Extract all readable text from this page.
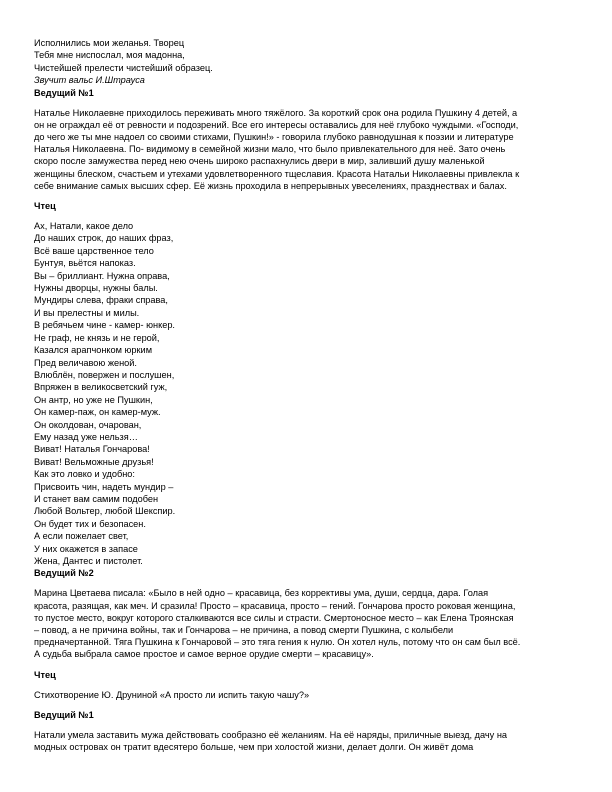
Исполнились мои желанья. Творец

Тебя мне ниспослал, моя мадонна,

Чистейшей прелести чистейший образец.

Звучит вальс И.Штрауса

Ведущий №1

Наталье Николаевне приходилось переживать много тяжёлого. За короткий срок она родила Пушкину 4 детей, а
он не ограждал её от ревности и подозрений. Все его интересы оставались для неё глубоко чуждыми. «Господи,
до чего же ты мне надоел со своими стихами, Пушкин!» - говорила глубоко равнодушная к поэзии и литературе
Наталья Николаевна. По- видимому в семейной жизни мало, что было привлекательного для неё. Зато очень
скоро после замужества перед нею очень широко распахнулись двери в мир, заливший душу маленькой
женщины блеском, счастьем и утехами удовлетворенного тщеславия. Красота Натальи Николаевны привлекла к
себе внимание самых высших сфер. Её жизнь проходила в непрерывных увеселениях, празднествах и балах.

Чтец

Ах, Натали, какое дело

До наших строк, до наших фраз,

Всё ваше царственное тело

Бунтуя, вьётся напоказ.

Вы – бриллиант. Нужна оправа,

Нужны дворцы, нужны балы.

Мундиры слева, фраки справа,

И вы прелестны и милы.

В ребячьем чине - камер- юнкер.

Не граф, не князь и не герой,

Казался арапчонком юрким

Пред величавою женой.

Влюблён, повержен и послушен,

Впряжен в великосветский гуж,

Он антр, но уже не Пушкин,

Он камер-паж, он камер-муж.

Он околдован, очарован,

Ему назад уже нельзя…

Виват! Наталья Гончарова!

Виват! Вельможные друзья!

Как это ловко и удобно:

Присвоить чин, надеть мундир –

И станет вам самим подобен

Любой Вольтер, любой Шекспир.

Он будет тих и безопасен.

А если пожелает свет,

У них окажется в запасе

Жена, Дантес и пистолет.

Ведущий №2

Марина Цветаева писала: «Было в ней одно – красавица, без коррективы ума, души, сердца, дара. Голая
красота, разящая, как меч. И сразила! Просто – красавица, просто – гений. Гончарова просто роковая женщина,
то пустое место, вокруг которого сталкиваются все силы и страсти. Смертоносное место – как Елена Троянская
– повод, а не причина войны, так и Гончарова – не причина, а повод смерти Пушкина, с колыбели
предначертанной. Тяга Пушкина к Гончаровой – это тяга гения к нулю. Он хотел нуль, потому что он сам был всё.
А судьба выбрала самое простое и самое верное орудие смерти – красавицу».

Чтец

Стихотворение Ю. Друниной «А просто ли испить такую чашу?»

Ведущий №1

Натали умела заставить мужа действовать сообразно её желаниям. На её наряды, приличные выезд, дачу на
модных островах он тратит вдесятеро больше, чем при холостой жизни, делает долги. Он живёт дома
